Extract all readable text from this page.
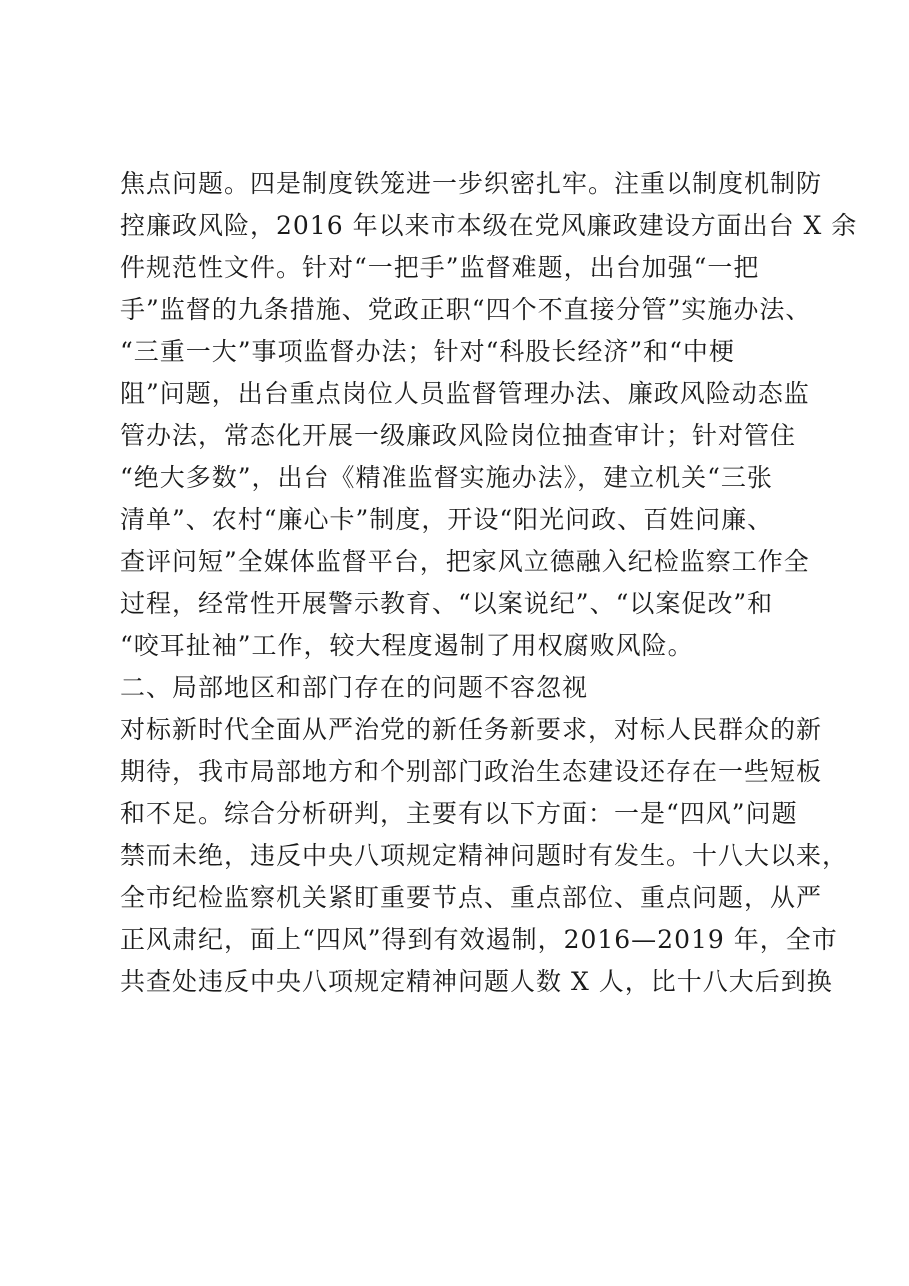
焦点问题。四是制度铁笼进一步织密扎牢。注重以制度机制防
控廉政风险，2016 年以来市本级在党风廉政建设方面出台 X 余
件规范性文件。针对“一把手”监督难题，出台加强“一把
手”监督的九条措施、党政正职“四个不直接分管”实施办法、
“三重一大”事项监督办法；针对“科股长经济”和“中梗
阻”问题，出台重点岗位人员监督管理办法、廉政风险动态监
管办法，常态化开展一级廉政风险岗位抽查审计；针对管住
“绝大多数”，出台《精准监督实施办法》，建立机关“三张
清单”、农村“廉心卡”制度，开设“阳光问政、百姓问廉、
查评问短”全媒体监督平台，把家风立德融入纪检监察工作全
过程，经常性开展警示教育、“以案说纪”、“以案促改”和
“咬耳扯袖”工作，较大程度遏制了用权腐败风险。
二、局部地区和部门存在的问题不容忽视
对标新时代全面从严治党的新任务新要求，对标人民群众的新
期待，我市局部地方和个别部门政治生态建设还存在一些短板
和不足。综合分析研判，主要有以下方面：一是“四风”问题
禁而未绝，违反中央八项规定精神问题时有发生。十八大以来，
全市纪检监察机关紧盯重要节点、重点部位、重点问题，从严
正风肃纪，面上“四风”得到有效遏制，2016—2019 年，全市
共查处违反中央八项规定精神问题人数 X 人，比十八大后到换
